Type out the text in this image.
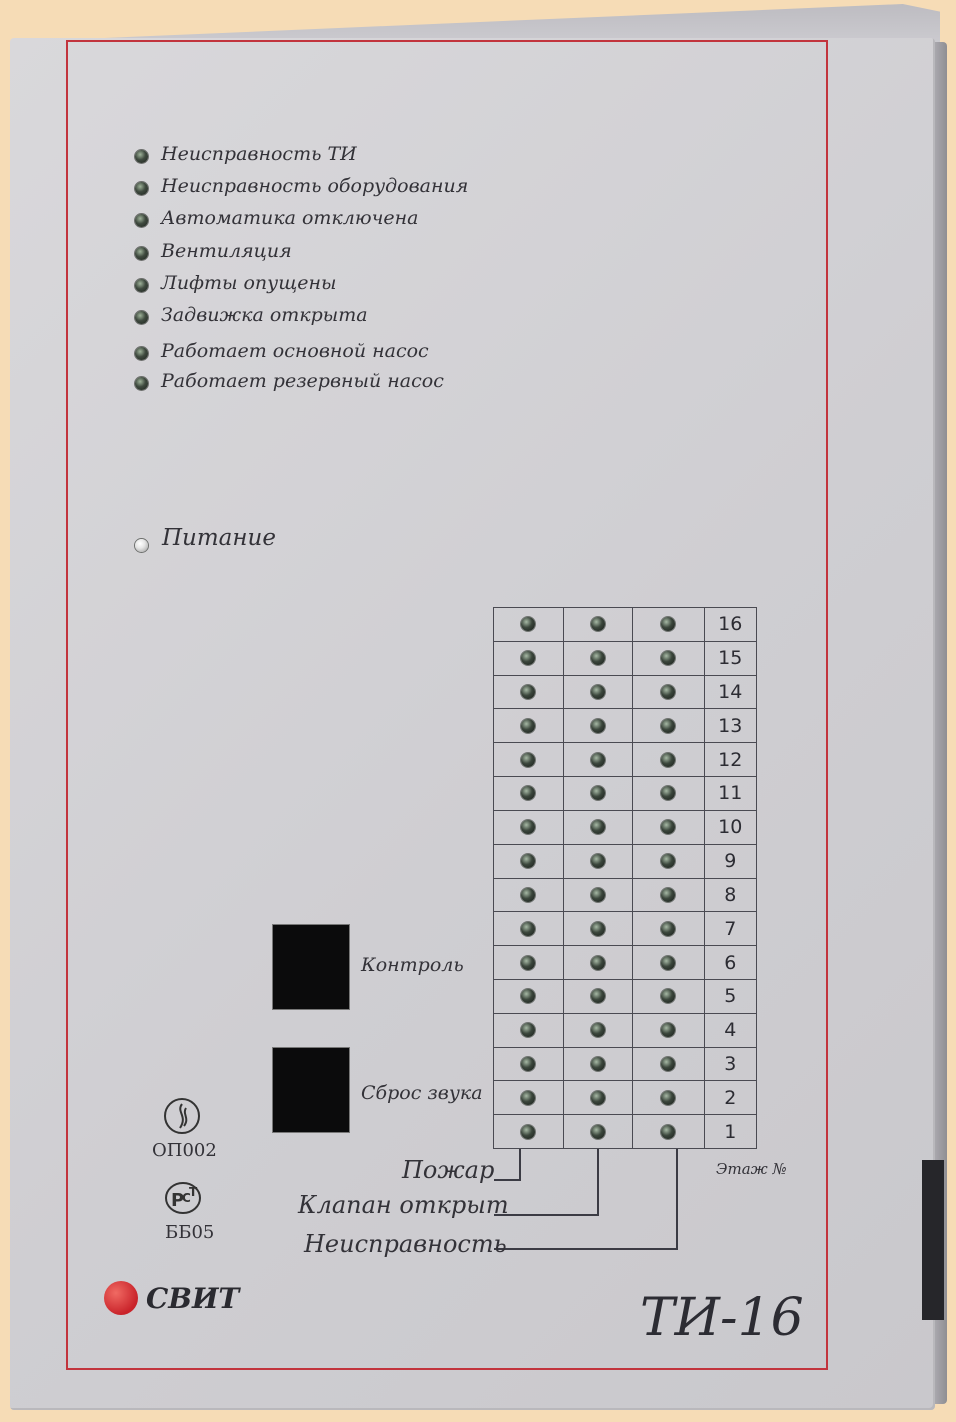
Неисправность ТИ
Неисправность оборудования
Автоматика отключена
Вентиляция
Лифты опущены
Задвижка открыта
Работает основной насос
Работает резервный насос
Питание

	16

	15

	14

	13

	12

	11

	10

	9

	8

	7

	6

	5

	4

	3

	2

	1
Контроль
Сброс звука
Пожар
Клапан открыт
Неисправность
Этаж №
ОП002
Р
С
Т
ББ05
СВИТ	ТИ-16
